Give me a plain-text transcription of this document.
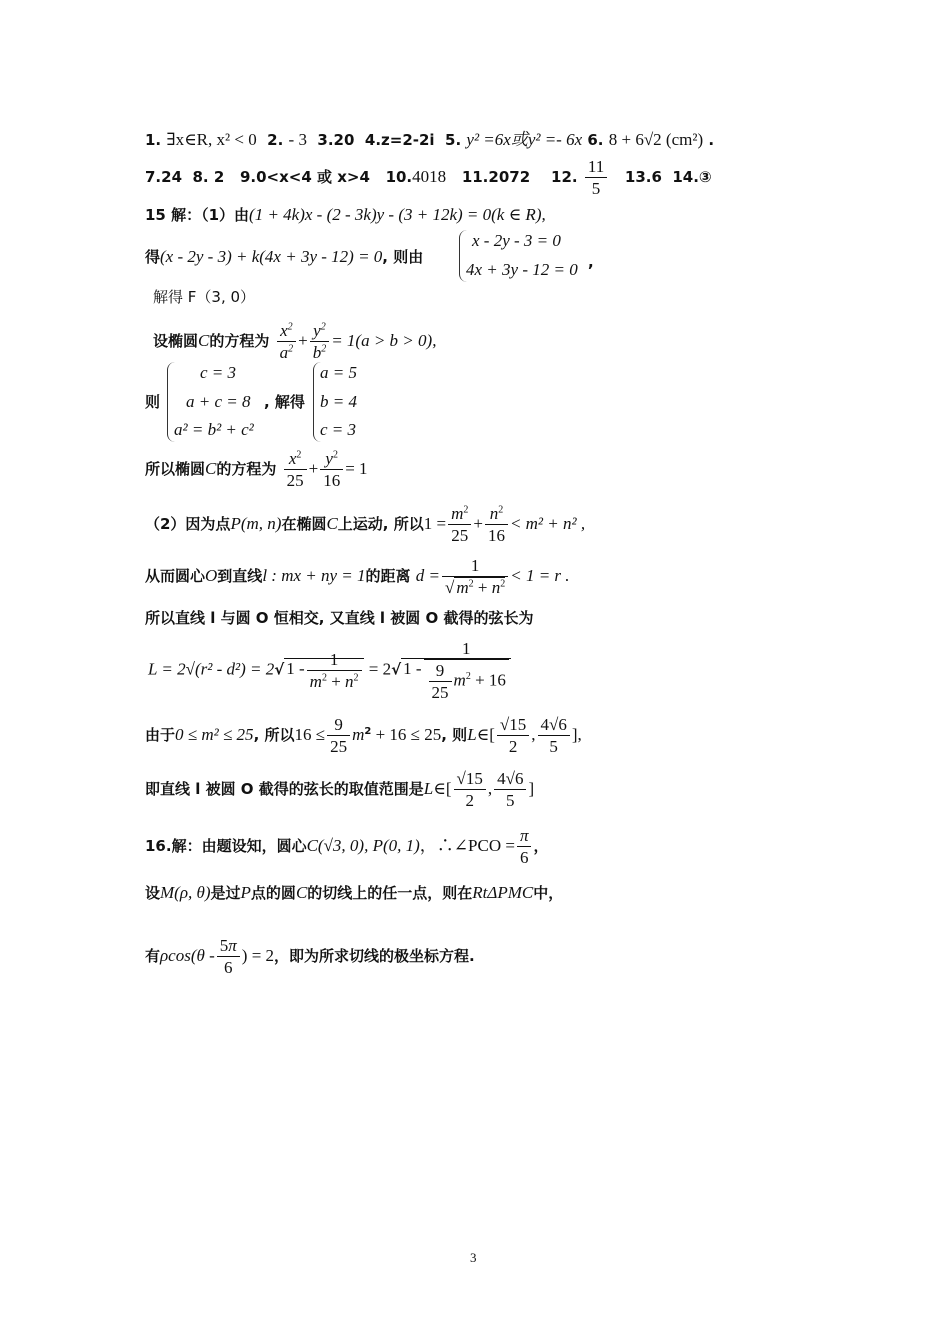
1. ∃x∈R, x² < 0 2. - 3 3.20 4.z=2-2i 5. y² =6x或y² =- 6x 6. 8 + 6√2 (cm²) .
7.24 8. 2 9.0<x<4 或 x>4 10.4018 11.2072 12. $\frac{11}{5} 13.6$ 14.③
15 解：（1）由(1 + 4k)x - (2 - 3k)y - (3 + 12k) = 0(k ∈ R),
得(x - 2y - 3) + k(4x + 3y - 12) = 0, 则由
x - 2y - 3 = 0
4x + 3y - 12 = 0 ,
解得 F（3, 0）
设椭圆C的方程为 $\frac{x^2}{a^2} + \frac{y^2}{b^2} = 1(a > b > 0)$,
则
c = 3
a + c = 8
a² = b² + c²
, 解得
a = 5
b = 4
c = 3
所以椭圆C的方程为 $\frac{x^2}{25} + \frac{y^2}{16} = 1$
（2）因为点P(m, n)在椭圆C上运动, 所以$1 = \frac{m^2}{25} + \frac{n^2}{16} < m^2 + n^2$ ,
从而圆心O到直线l : mx + ny = 1的距离 $d = \frac{1}{√ m^2 + n^2} < 1 = r$ .
所以直线 l 与圆 O 恒相交, 又直线 l 被圆 O 截得的弦长为
L = 2√(r² - d²) = 2√ $1 - \frac{1}{m^2 + n^2} = 2√$ $1 - \frac{1}{\frac{9}{25} m^2 + 16}$
由于0 ≤ m² ≤ 25, 所以$16 \le \frac{9}{25} m^2 + 16 \le 25$, 则L∈[ $\frac{√15}{2}$ , $\frac{4√6}{5}$ ],
即直线 l 被圆 O 截得的弦长的取值范围是L∈[ $\frac{√15}{2}$ , $\frac{4√6}{5}$ ]
16.解：由题设知，圆心C(√3, 0), P(0, 1)，∴∠PCO = $\frac{\pi}{6}$ ，
设M(ρ, θ)是过P点的圆C的切线上的任一点，则在RtΔPMC中，
有$\rho\cos(\theta - \frac{5\pi}{6}$ ) = 2，即为所求切线的极坐标方程.
3
